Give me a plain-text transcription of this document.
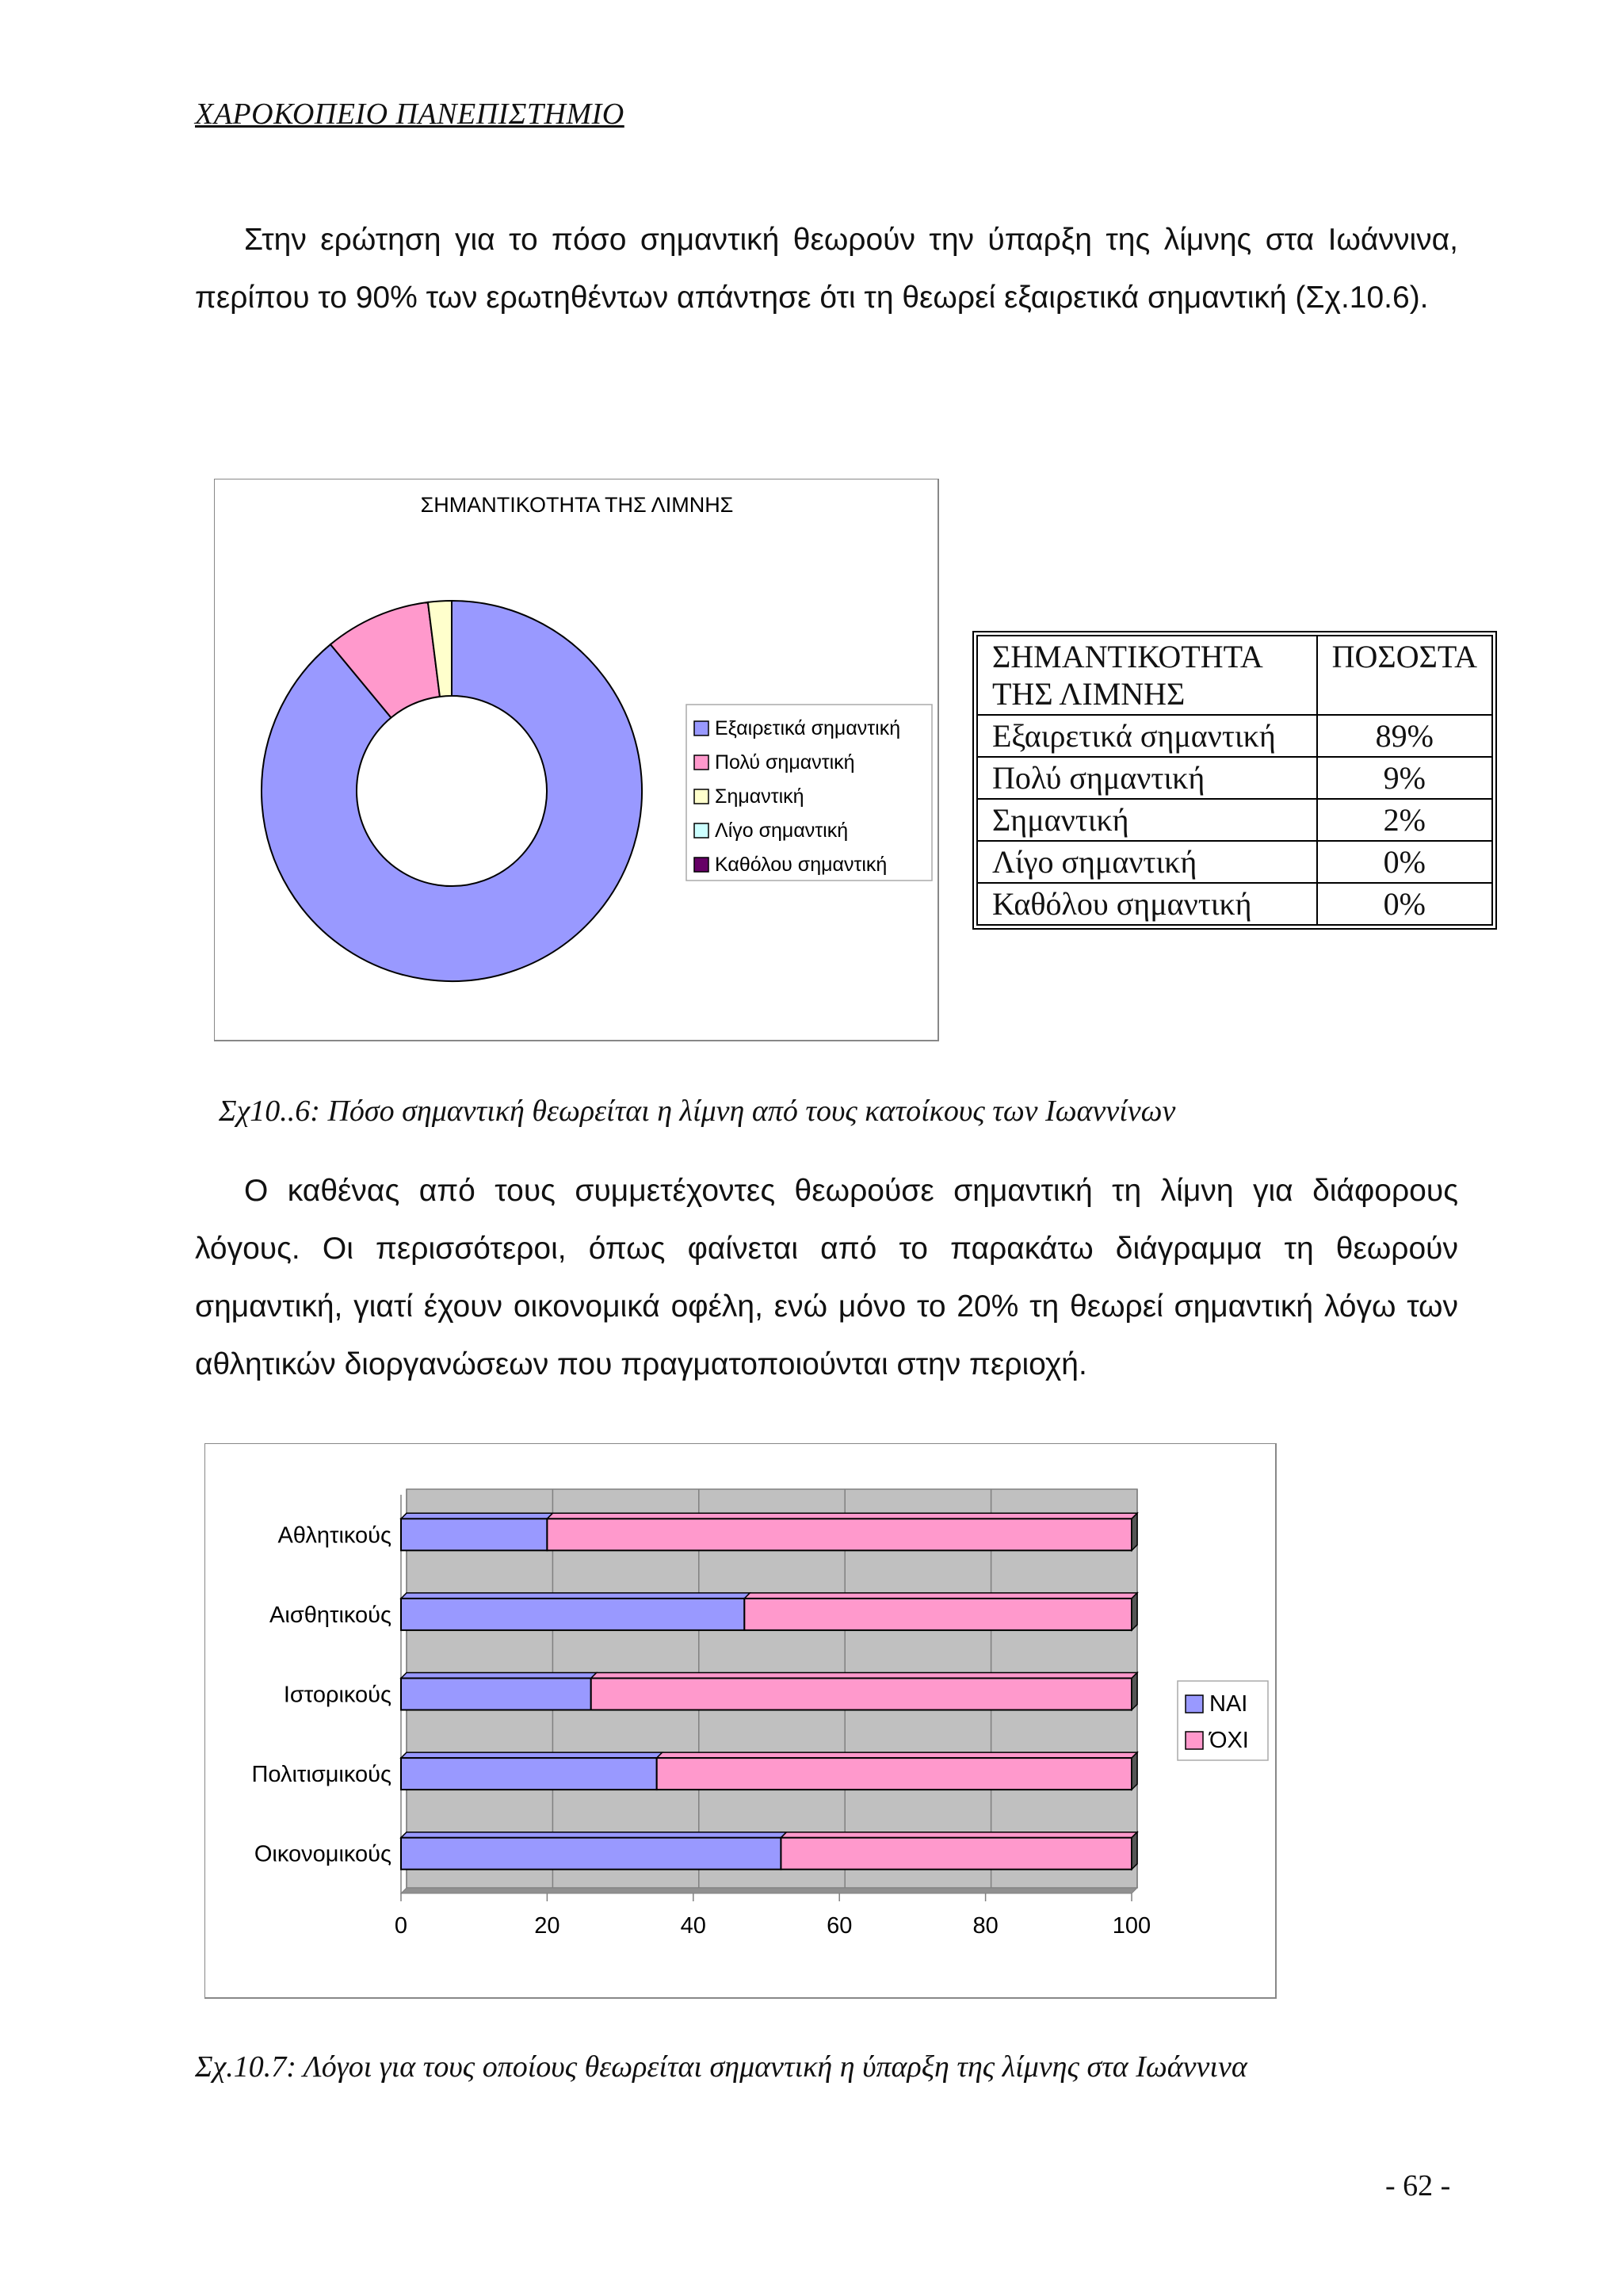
ΧΑΡΟΚΟΠΕΙΟ ΠΑΝΕΠΙΣΤΗΜΙΟ
Στην ερώτηση για το πόσο σημαντική θεωρούν την ύπαρξη της λίμνης στα Ιωάννινα, περίπου το 90% των ερωτηθέντων απάντησε ότι τη θεωρεί εξαιρετικά σημαντική (Σχ.10.6).
ΣΗΜΑΝΤΙΚΟΤΗΤΑ ΤΗΣ ΛΙΜΝΗΣ
Εξαιρετικά σημαντική
Πολύ σημαντική
Σημαντική
Λίγο σημαντική
Καθόλου σημαντική
ΣΗΜΑΝΤΙΚΟΤΗΤΑ ΤΗΣ ΛΙΜΝΗΣ	ΠΟΣΟΣΤΑ
Εξαιρετικά σημαντική	89%
Πολύ σημαντική	9%
Σημαντική	2%
Λίγο σημαντική	0%
Καθόλου σημαντική	0%
Σχ10..6: Πόσο σημαντική θεωρείται η λίμνη από τους κατοίκους των Ιωαννίνων
Ο καθένας από τους συμμετέχοντες θεωρούσε σημαντική τη λίμνη για διάφορους λόγους. Οι περισσότεροι, όπως φαίνεται από το παρακάτω διάγραμμα τη θεωρούν σημαντική, γιατί έχουν οικονομικά οφέλη, ενώ μόνο το 20% τη θεωρεί σημαντική λόγω των αθλητικών διοργανώσεων που πραγματοποιούνται στην περιοχή.
Αθλητικούς
Αισθητικούς
Ιστορικούς
Πολιτισμικούς
Οικονομικούς
0	20	40	60	80	100
ΝΑΙ
ΌΧΙ
Σχ.10.7: Λόγοι για τους οποίους θεωρείται σημαντική η ύπαρξη της λίμνης στα Ιωάννινα
- 62 -
